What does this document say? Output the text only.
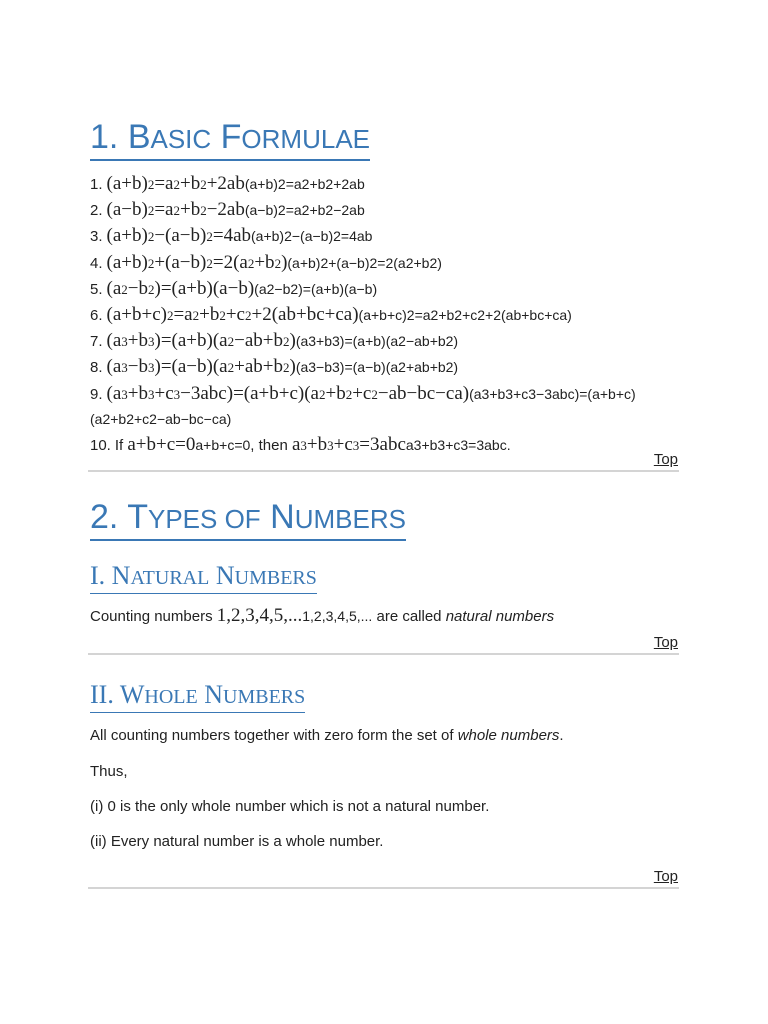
1. BASIC FORMULAE
1. (a+b)2=a2+b2+2ab(a+b)2=a2+b2+2ab
2. (a−b)2=a2+b2−2ab(a−b)2=a2+b2−2ab
3. (a+b)2−(a−b)2=4ab(a+b)2−(a−b)2=4ab
4. (a+b)2+(a−b)2=2(a2+b2)(a+b)2+(a−b)2=2(a2+b2)
5. (a2−b2)=(a+b)(a−b)(a2−b2)=(a+b)(a−b)
6. (a+b+c)2=a2+b2+c2+2(ab+bc+ca)(a+b+c)2=a2+b2+c2+2(ab+bc+ca)
7. (a3+b3)=(a+b)(a2−ab+b2)(a3+b3)=(a+b)(a2−ab+b2)
8. (a3−b3)=(a−b)(a2+ab+b2)(a3−b3)=(a−b)(a2+ab+b2)
9. (a3+b3+c3−3abc)=(a+b+c)(a2+b2+c2−ab−bc−ca)(a3+b3+c3−3abc)=(a+b+c)(a2+b2+c2−ab−bc−ca)
10. If a+b+c=0a+b+c=0, then a3+b3+c3=3abca3+b3+c3=3abc.
Top
2. TYPES OF NUMBERS
I. NATURAL NUMBERS

Counting numbers 1,2,3,4,5,...1,2,3,4,5,... are called natural numbers

Top
II. WHOLE NUMBERS

All counting numbers together with zero form the set of whole numbers.

Thus,

(i) 0 is the only whole number which is not a natural number.

(ii) Every natural number is a whole number.

Top
